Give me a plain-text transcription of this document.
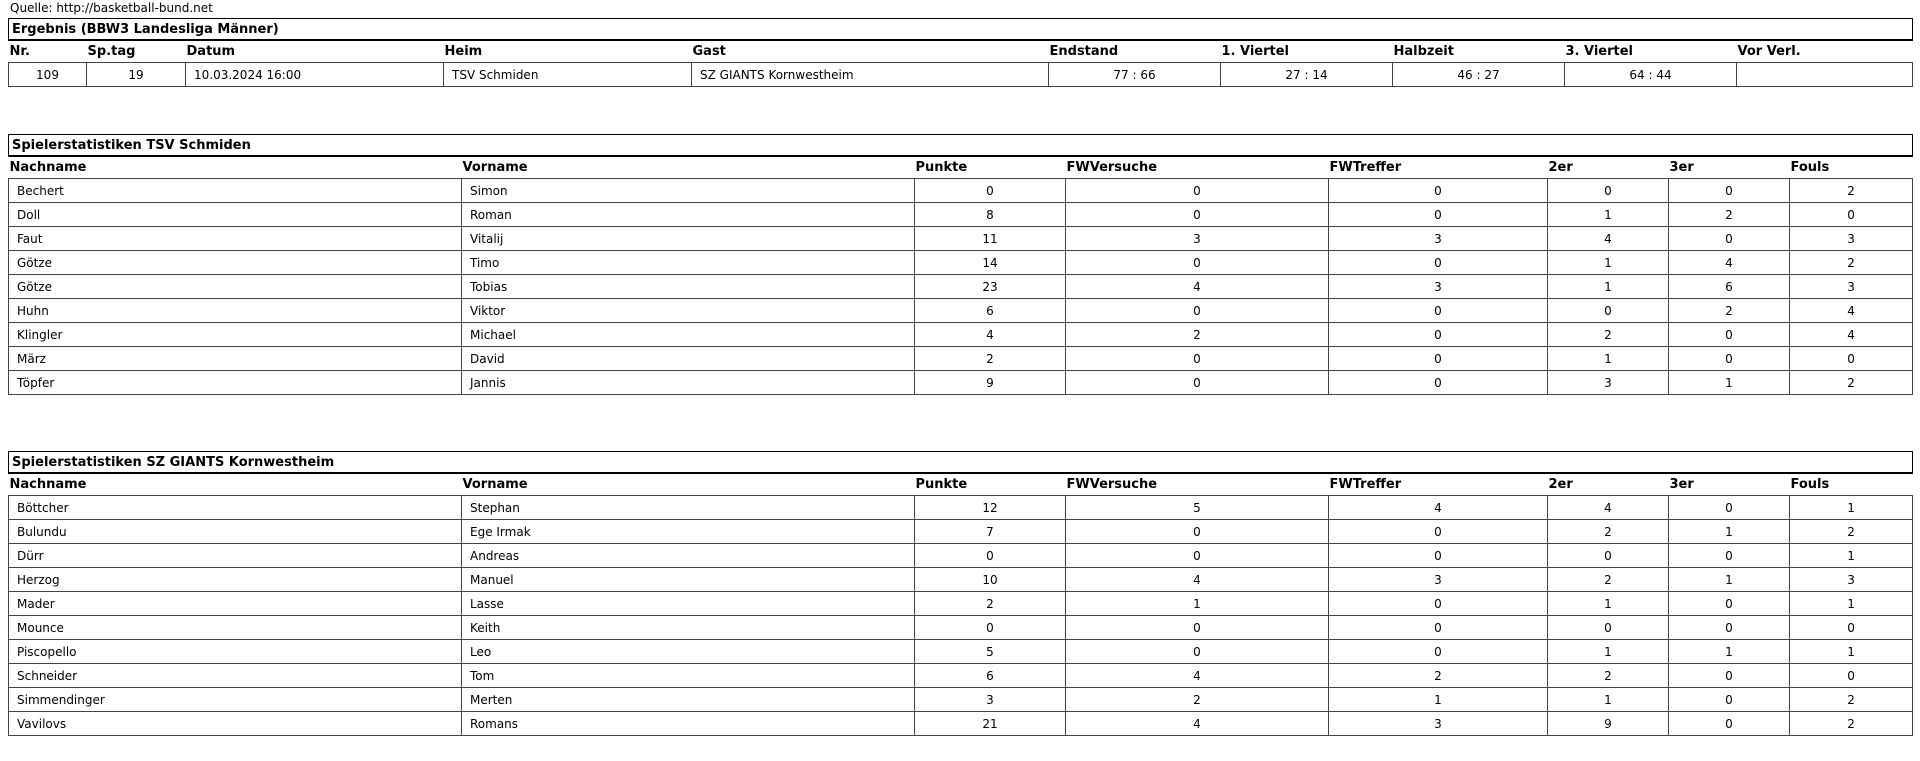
Quelle: http://basketball-bund.net
Ergebnis (BBW3 Landesliga Männer)									
Nr.	Sp.tag	Datum	Heim	Gast	Endstand	1. Viertel	Halbzeit	3. Viertel	Vor Verl.
109	19	10.03.2024 16:00	TSV Schmiden	SZ GIANTS Kornwestheim	77 : 66	27 : 14	46 : 27	64 : 44	
Spielerstatistiken TSV Schmiden							
Nachname	Vorname	Punkte	FWVersuche	FWTreffer	2er	3er	Fouls
Bechert	Simon	0	0	0	0	0	2
Doll	Roman	8	0	0	1	2	0
Faut	Vitalij	11	3	3	4	0	3
Götze	Timo	14	0	0	1	4	2
Götze	Tobias	23	4	3	1	6	3
Huhn	Viktor	6	0	0	0	2	4
Klingler	Michael	4	2	0	2	0	4
März	David	2	0	0	1	0	0
Töpfer	Jannis	9	0	0	3	1	2
Spielerstatistiken SZ GIANTS Kornwestheim							
Nachname	Vorname	Punkte	FWVersuche	FWTreffer	2er	3er	Fouls
Böttcher	Stephan	12	5	4	4	0	1
Bulundu	Ege Irmak	7	0	0	2	1	2
Dürr	Andreas	0	0	0	0	0	1
Herzog	Manuel	10	4	3	2	1	3
Mader	Lasse	2	1	0	1	0	1
Mounce	Keith	0	0	0	0	0	0
Piscopello	Leo	5	0	0	1	1	1
Schneider	Tom	6	4	2	2	0	0
Simmendinger	Merten	3	2	1	1	0	2
Vavilovs	Romans	21	4	3	9	0	2
